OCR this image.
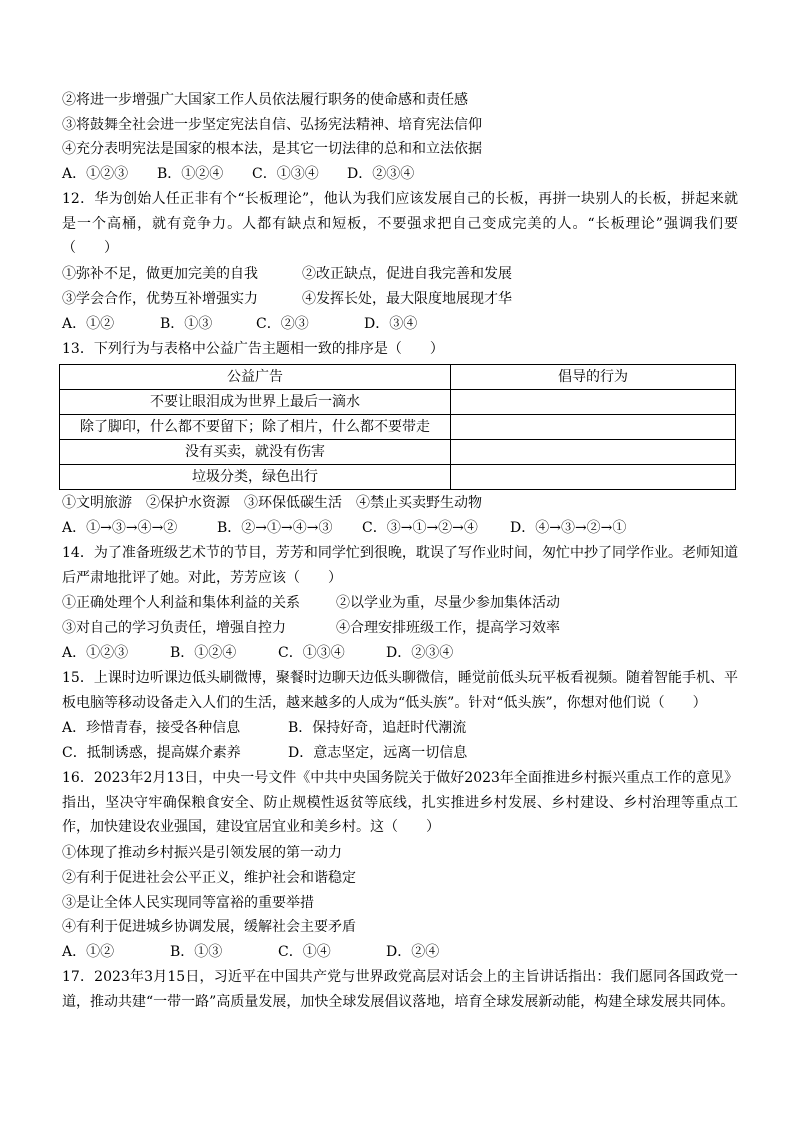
②将进一步增强广大国家工作人员依法履行职务的使命感和责任感
③将鼓舞全社会进一步坚定宪法自信、弘扬宪法精神、培育宪法信仰
④充分表明宪法是国家的根本法，是其它一切法律的总和和立法依据
A．①②③ B．①②④ C．①③④ D．②③④
12．华为创始人任正非有个“长板理论”，他认为我们应该发展自己的长板，再拼一块别人的长板，拼起来就是一个高桶，就有竞争力。人都有缺点和短板，不要强求把自己变成完美的人。“长板理论”强调我们要（　　）
①弥补不足，做更加完美的自我	②改正缺点，促进自我完善和发展
③学会合作，优势互补增强实力	④发挥长处，最大限度地展现才华
A．①②	B．①③	C．②③	D．③④
13．下列行为与表格中公益广告主题相一致的排序是（　　）
公益广告	倡导的行为
不要让眼泪成为世界上最后一滴水	
除了脚印，什么都不要留下；除了相片，什么都不要带走	
没有买卖，就没有伤害	
垃圾分类，绿色出行	
①文明旅游　②保护水资源　③环保低碳生活　④禁止买卖野生动物
A．①→③→④→②	B．②→①→④→③ C．③→①→②→④ D．④→③→②→①
14．为了准备班级艺术节的节目，芳芳和同学忙到很晚，耽误了写作业时间，匆忙中抄了同学作业。老师知道后严肃地批评了她。对此，芳芳应该（　　）
①正确处理个人利益和集体利益的关系	②以学业为重，尽量少参加集体活动
③对自己的学习负责任，增强自控力	④合理安排班级工作，提高学习效率
A．①②③	B．①②④	C．①③④	D．②③④
15．上课时边听课边低头刷微博，聚餐时边聊天边低头聊微信，睡觉前低头玩平板看视频。随着智能手机、平板电脑等移动设备走入人们的生活，越来越多的人成为“低头族”。针对“低头族”，你想对他们说（　　）
A．珍惜青春，接受各种信息	B．保持好奇，追赶时代潮流
C．抵制诱惑，提高媒介素养	D．意志坚定，远离一切信息
16．2023年2月13日，中央一号文件《中共中央国务院关于做好2023年全面推进乡村振兴重点工作的意见》指出，坚决守牢确保粮食安全、防止规模性返贫等底线，扎实推进乡村发展、乡村建设、乡村治理等重点工作，加快建设农业强国，建设宜居宜业和美乡村。这（　　）
①体现了推动乡村振兴是引领发展的第一动力
②有利于促进社会公平正义，维护社会和谐稳定
③是让全体人民实现同等富裕的重要举措
④有利于促进城乡协调发展，缓解社会主要矛盾
A．①②	B．①③	C．①④	D．②④
17．2023年3月15日，习近平在中国共产党与世界政党高层对话会上的主旨讲话指出：我们愿同各国政党一道，推动共建“一带一路”高质量发展，加快全球发展倡议落地，培育全球发展新动能，构建全球发展共同体。
